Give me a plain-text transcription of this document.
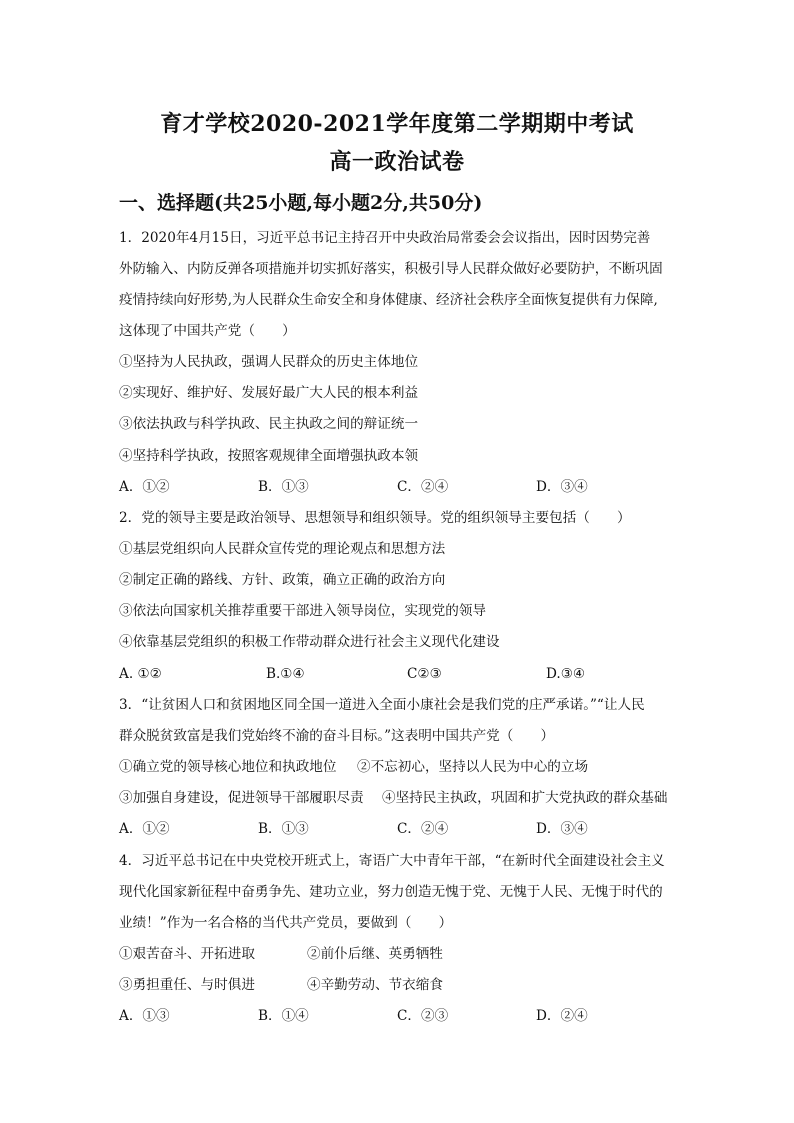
育才学校2020-2021学年度第二学期期中考试
高一政治试卷
一、选择题(共25小题,每小题2分,共50分)
1．2020年4月15日，习近平总书记主持召开中央政治局常委会会议指出，因时因势完善
外防输入、内防反弹各项措施并切实抓好落实，积极引导人民群众做好必要防护，不断巩固
疫情持续向好形势,为人民群众生命安全和身体健康、经济社会秩序全面恢复提供有力保障,
这体现了中国共产党（　　）
①坚持为人民执政，强调人民群众的历史主体地位
②实现好、维护好、发展好最广大人民的根本利益
③依法执政与科学执政、民主执政之间的辩证统一
④坚持科学执政，按照客观规律全面增强执政本领
A．①②	B．①③	C．②④	D．③④
2．党的领导主要是政治领导、思想领导和组织领导。党的组织领导主要包括（　　）
①基层党组织向人民群众宣传党的理论观点和思想方法
②制定正确的路线、方针、政策，确立正确的政治方向
③依法向国家机关推荐重要干部进入领导岗位，实现党的领导
④依靠基层党组织的积极工作带动群众进行社会主义现代化建设
A. ①②	B.①④	C②③	D.③④
3．“让贫困人口和贫困地区同全国一道进入全面小康社会是我们党的庄严承诺。”“让人民
群众脱贫致富是我们党始终不渝的奋斗目标。”这表明中国共产党（　　）
①确立党的领导核心地位和执政地位 ②不忘初心，坚持以人民为中心的立场
③加强自身建设，促进领导干部履职尽责 ④坚持民主执政，巩固和扩大党执政的群众基础
A．①②	B．①③	C．②④	D．③④
4．习近平总书记在中央党校开班式上，寄语广大中青年干部，“在新时代全面建设社会主义
现代化国家新征程中奋勇争先、建功立业，努力创造无愧于党、无愧于人民、无愧于时代的
业绩！”作为一名合格的当代共产党员，要做到（　　）
①艰苦奋斗、开拓进取	②前仆后继、英勇牺牲
③勇担重任、与时俱进	④辛勤劳动、节衣缩食
A．①③	B．①④	C．②③	D．②④
